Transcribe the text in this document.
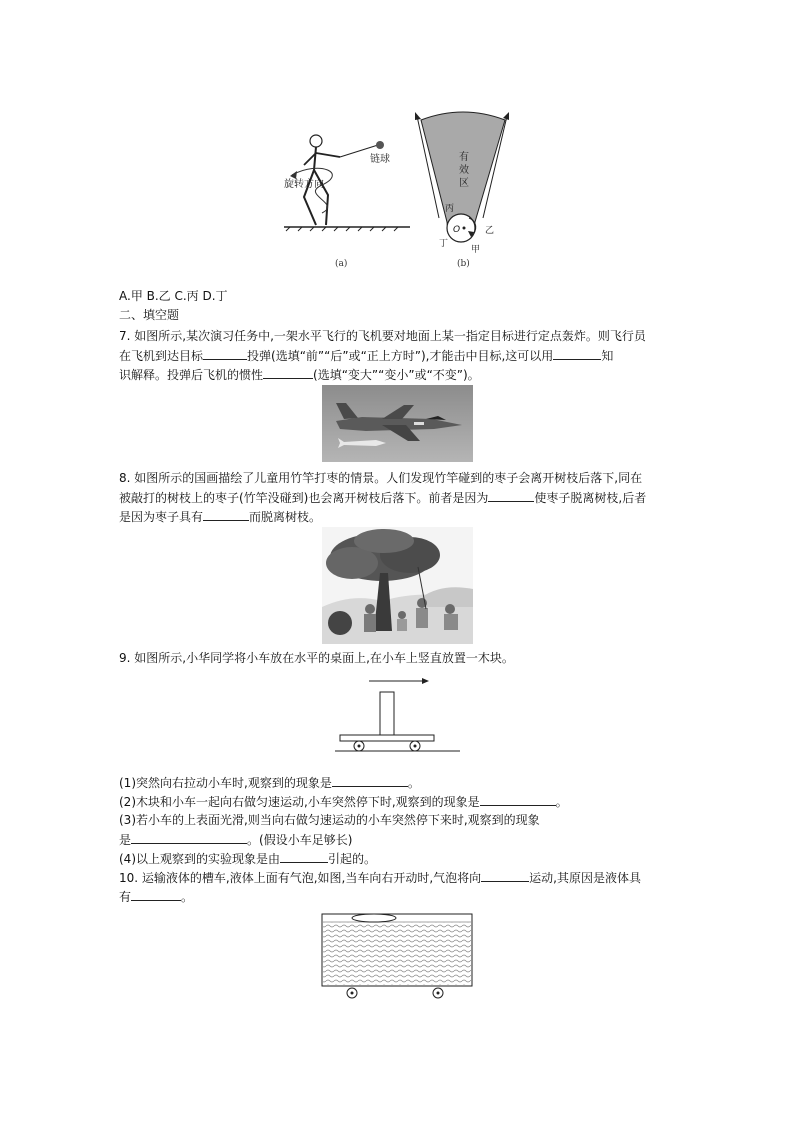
链球
旋转方向
(a)
有
效
区
O
丙
乙
甲
丁
(b)
A.甲 B.乙 C.丙 D.丁
二、填空题
7. 如图所示,某次演习任务中,一架水平飞行的飞机要对地面上某一指定目标进行定点轰炸。则飞行员
在飞机到达目标	投弹(选填“前”“后”或“正上方时”),才能击中目标,这可以用	知
识解释。投弹后飞机的惯性	(选填“变大”“变小”或“不变”)。
8. 如图所示的国画描绘了儿童用竹竿打枣的情景。人们发现竹竿碰到的枣子会离开树枝后落下,同在
被敲打的树枝上的枣子(竹竿没碰到)也会离开树枝后落下。前者是因为	使枣子脱离树枝,后者
是因为枣子具有	而脱离树枝。
9. 如图所示,小华同学将小车放在水平的桌面上,在小车上竖直放置一木块。
(1)突然向右拉动小车时,观察到的现象是	。
(2)木块和小车一起向右做匀速运动,小车突然停下时,观察到的现象是	。
(3)若小车的上表面光滑,则当向右做匀速运动的小车突然停下来时,观察到的现象
是	。(假设小车足够长)
(4)以上观察到的实验现象是由	引起的。
10. 运输液体的槽车,液体上面有气泡,如图,当车向右开动时,气泡将向	运动,其原因是液体具
有	。
